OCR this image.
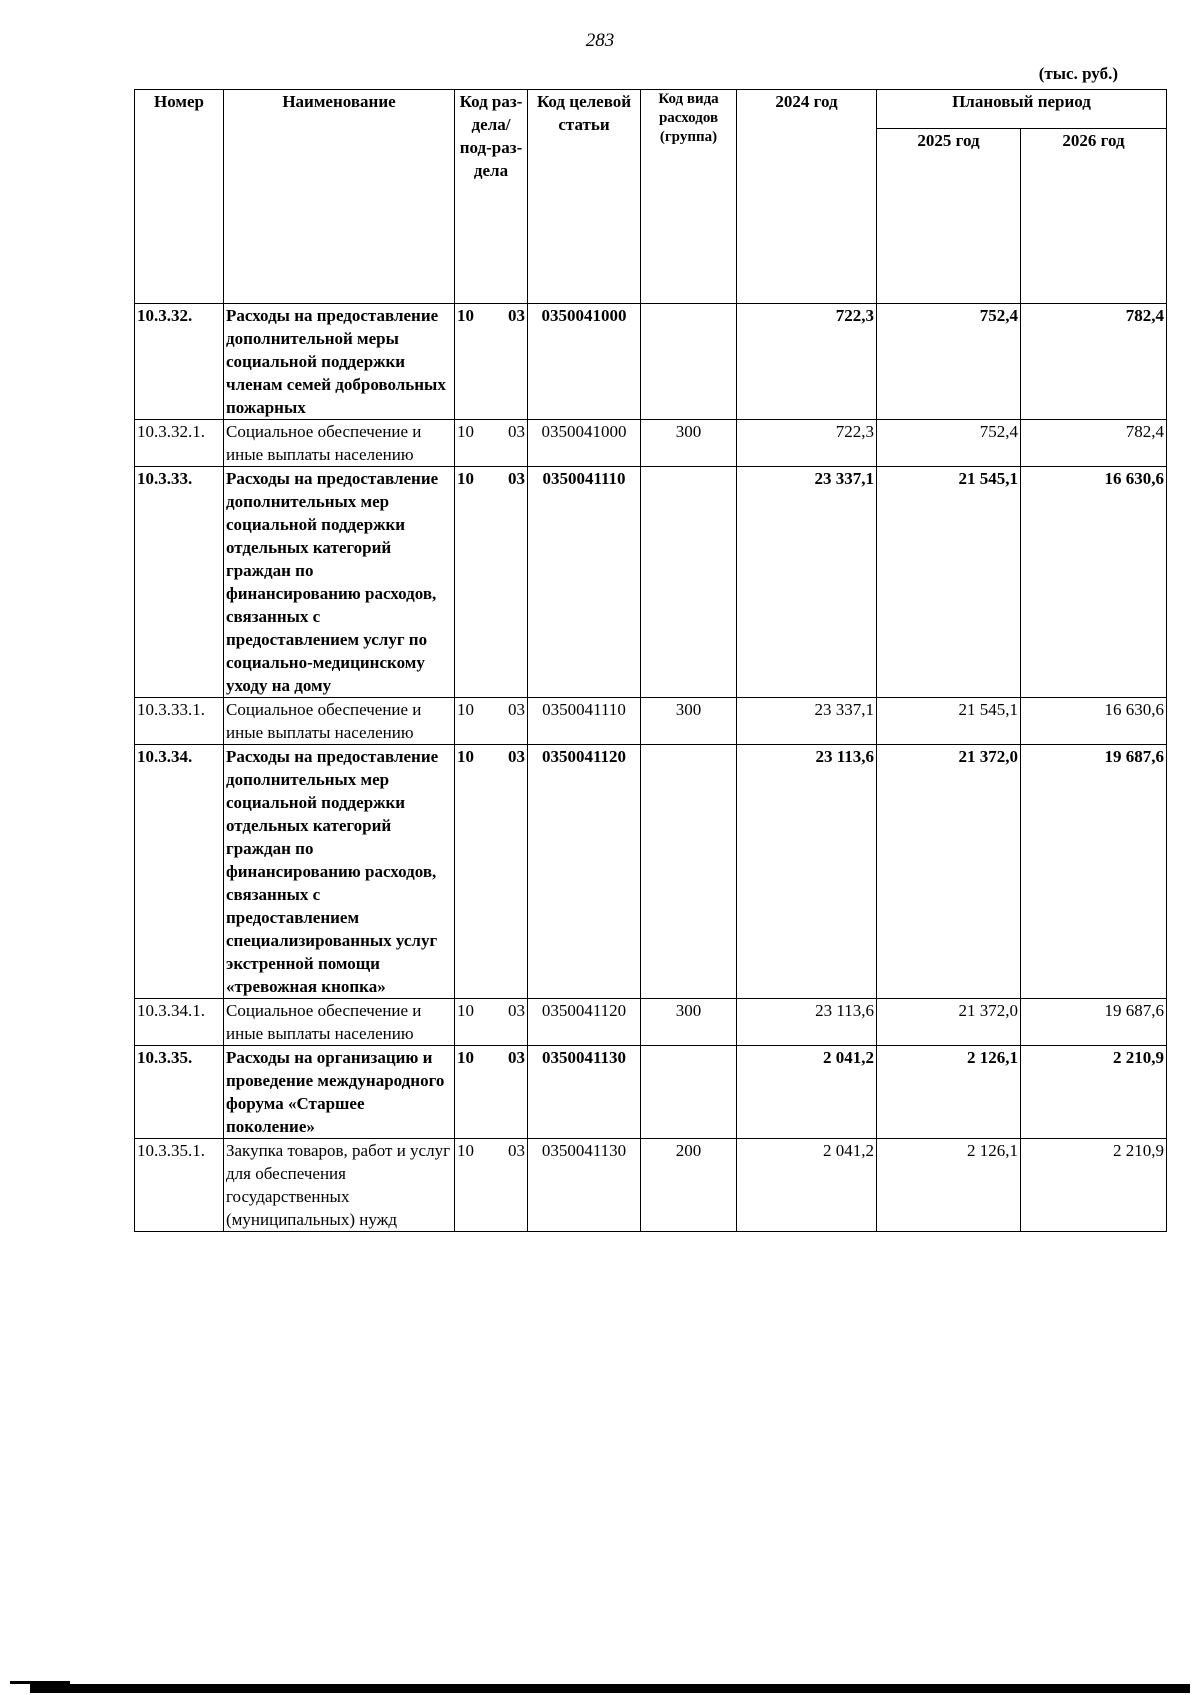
283
(тыс. руб.)
Номер	Наименование	Код раз-дела/ под-раз-дела	Код целевой статьи	Код вида расходов (группа)	2024 год	Плановый период	
						2025 год	2026 год
10.3.32.	Расходы на предоставление дополнительной меры социальной поддержки членам семей добровольных пожарных	10 03	0350041000		722,3	752,4	782,4
10.3.32.1.	Социальное обеспечение и иные выплаты населению	10 03	0350041000	300	722,3	752,4	782,4
10.3.33.	Расходы на предоставление дополнительных мер социальной поддержки отдельных категорий граждан по финансированию расходов, связанных с предоставлением услуг по социально-медицинскому уходу на дому	10 03	0350041110		23 337,1	21 545,1	16 630,6
10.3.33.1.	Социальное обеспечение и иные выплаты населению	10 03	0350041110	300	23 337,1	21 545,1	16 630,6
10.3.34.	Расходы на предоставление дополнительных мер социальной поддержки отдельных категорий граждан по финансированию расходов, связанных с предоставлением специализированных услуг экстренной помощи «тревожная кнопка»	10 03	0350041120		23 113,6	21 372,0	19 687,6
10.3.34.1.	Социальное обеспечение и иные выплаты населению	10 03	0350041120	300	23 113,6	21 372,0	19 687,6
10.3.35.	Расходы на организацию и проведение международного форума «Старшее поколение»	10 03	0350041130		2 041,2	2 126,1	2 210,9
10.3.35.1.	Закупка товаров, работ и услуг для обеспечения государственных (муниципальных) нужд	10 03	0350041130	200	2 041,2	2 126,1	2 210,9
